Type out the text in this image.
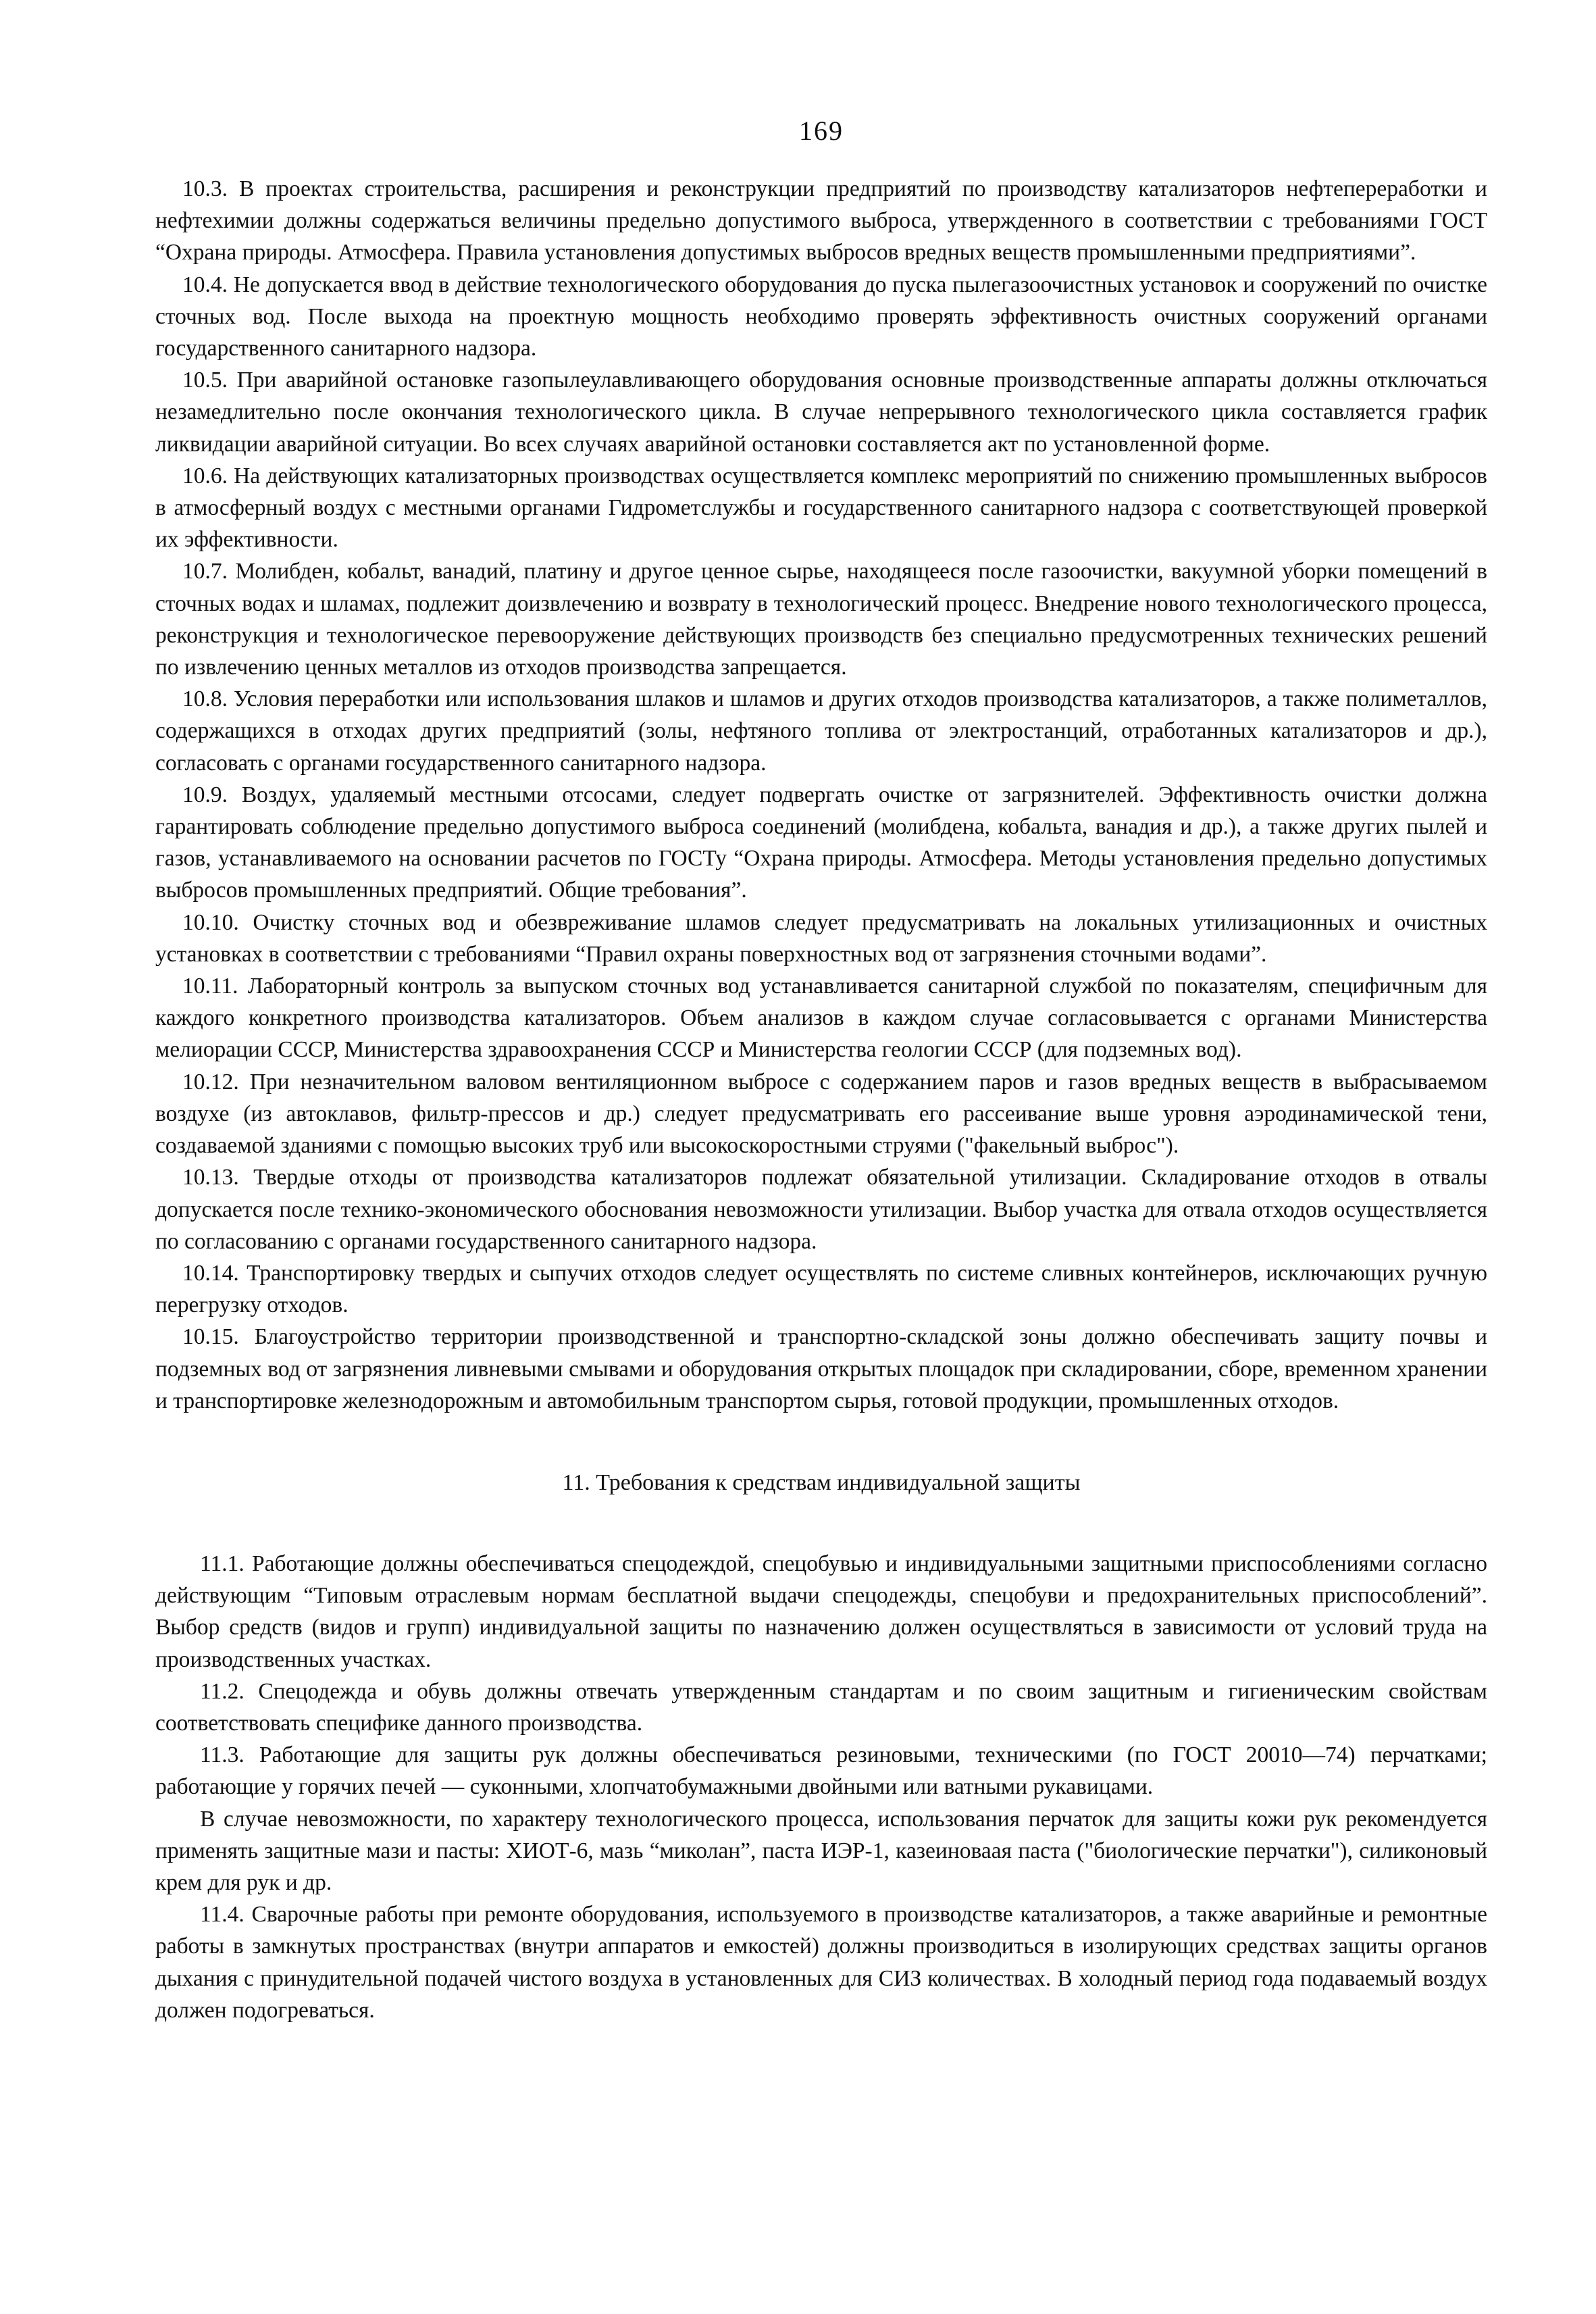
169

10.3. В проектах строительства, расширения и реконструкции предприятий по производству катализаторов нефтепереработки и нефтехимии должны содержаться величины предельно допустимого выброса, утвержденного в соответствии с требованиями ГОСТ “Охрана природы. Атмосфера. Правила установления допустимых выбросов вредных веществ промышленными предприятиями”.

10.4. Не допускается ввод в действие технологического оборудования до пуска пылегазоочистных установок и сооружений по очистке сточных вод. После выхода на проектную мощность необходимо проверять эффективность очистных сооружений органами государственного санитарного надзора.

10.5. При аварийной остановке газопылеулавливающего оборудования основные производственные аппараты должны отключаться незамедлительно после окончания технологического цикла. В случае непрерывного технологического цикла составляется график ликвидации аварийной ситуации. Во всех случаях аварийной остановки составляется акт по установленной форме.

10.6. На действующих катализаторных производствах осуществляется комплекс мероприятий по снижению промышленных выбросов в атмосферный воздух с местными органами Гидрометслужбы и государственного санитарного надзора с соответствующей проверкой их эффективности.

10.7. Молибден, кобальт, ванадий, платину и другое ценное сырье, находящееся после газоочистки, вакуумной уборки помещений в сточных водах и шламах, подлежит доизвлечению и возврату в технологический процесс. Внедрение нового технологического процесса, реконструкция и технологическое перевооружение действующих производств без специально предусмотренных технических решений по извлечению ценных металлов из отходов производства запрещается.

10.8. Условия переработки или использования шлаков и шламов и других отходов производства катализаторов, а также полиметаллов, содержащихся в отходах других предприятий (золы, нефтяного топлива от электростанций, отработанных катализаторов и др.), согласовать с органами государственного санитарного надзора.

10.9. Воздух, удаляемый местными отсосами, следует подвергать очистке от загрязнителей. Эффективность очистки должна гарантировать соблюдение предельно допустимого выброса соединений (молибдена, кобальта, ванадия и др.), а также других пылей и газов, устанавливаемого на основании расчетов по ГОСТу “Охрана природы. Атмосфера. Методы установления предельно допустимых выбросов промышленных предприятий. Общие требования”.

10.10. Очистку сточных вод и обезвреживание шламов следует предусматривать на локальных утилизационных и очистных установках в соответствии с требованиями “Правил охраны поверхностных вод от загрязнения сточными водами”.

10.11. Лабораторный контроль за выпуском сточных вод устанавливается санитарной службой по показателям, специфичным для каждого конкретного производства катализаторов. Объем анализов в каждом случае согласовывается с органами Министерства мелиорации СССР, Министерства здравоохранения СССР и Министерства геологии СССР (для подземных вод).

10.12. При незначительном валовом вентиляционном выбросе с содержанием паров и газов вредных веществ в выбрасываемом воздухе (из автоклавов, фильтр-прессов и др.) следует предусматривать его рассеивание выше уровня аэродинамической тени, создаваемой зданиями с помощью высоких труб или высокоскоростными струями ("факельный выброс").

10.13. Твердые отходы от производства катализаторов подлежат обязательной утилизации. Складирование отходов в отвалы допускается после технико-экономического обоснования невозможности утилизации. Выбор участка для отвала отходов осуществляется по согласованию с органами государственного санитарного надзора.

10.14. Транспортировку твердых и сыпучих отходов следует осуществлять по системе сливных контейнеров, исключающих ручную перегрузку отходов.

10.15. Благоустройство территории производственной и транспортно-складской зоны должно обеспечивать защиту почвы и подземных вод от загрязнения ливневыми смывами и оборудования открытых площадок при складировании, сборе, временном хранении и транспортировке железнодорожным и автомобильным транспортом сырья, готовой продукции, промышленных отходов.

11. Требования к средствам индивидуальной защиты

11.1. Работающие должны обеспечиваться спецодеждой, спецобувью и индивидуальными защитными приспособлениями согласно действующим “Типовым отраслевым нормам бесплатной выдачи спецодежды, спецобуви и предохранительных приспособлений”. Выбор средств (видов и групп) индивидуальной защиты по назначению должен осуществляться в зависимости от условий труда на производственных участках.

11.2. Спецодежда и обувь должны отвечать утвержденным стандартам и по своим защитным и гигиеническим свойствам соответствовать специфике данного производства.

11.3. Работающие для защиты рук должны обеспечиваться резиновыми, техническими (по ГОСТ 20010—74) перчатками; работающие у горячих печей — суконными, хлопчатобумажными двойными или ватными рукавицами.

В случае невозможности, по характеру технологического процесса, использования перчаток для защиты кожи рук рекомендуется применять защитные мази и пасты: ХИОТ-6, мазь “миколан”, паста ИЭР-1, казеиноваая паста ("биологические перчатки"), силиконовый крем для рук и др.

11.4. Сварочные работы при ремонте оборудования, используемого в производстве катализаторов, а также аварийные и ремонтные работы в замкнутых пространствах (внутри аппаратов и емкостей) должны производиться в изолирующих средствах защиты органов дыхания с принудительной подачей чистого воздуха в установленных для СИЗ количествах. В холодный период года подаваемый воздух должен подогреваться.
